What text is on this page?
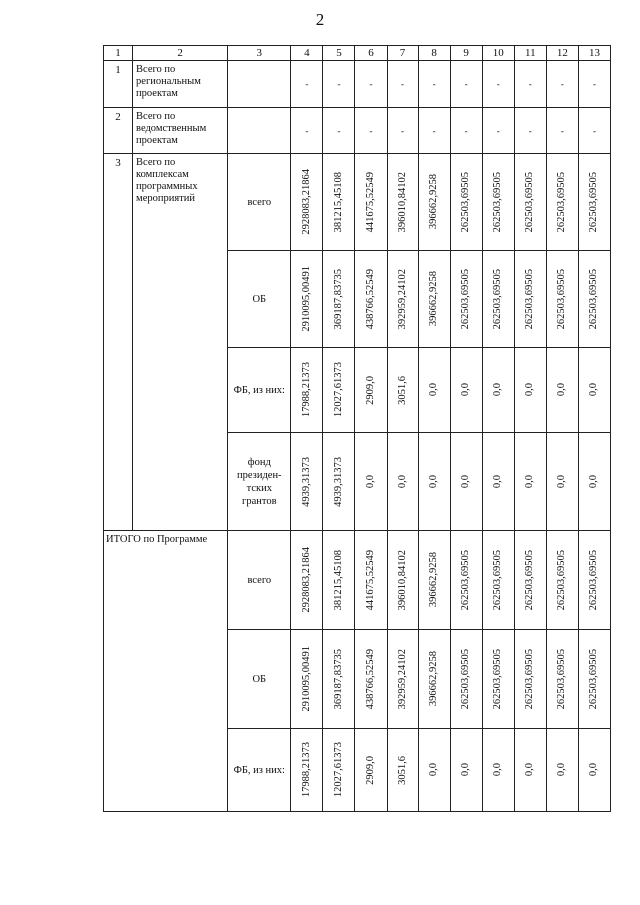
2
1	2	3	4	5	6	7	8	9	10	11	12	13
1	Всего по региональным проектам		-	-	-	-	-	-	-	-	-	-
2	Всего по ведомственным проектам		-	-	-	-	-	-	-	-	-	-
3	Всего по комплексам программных мероприятий	всего	2928083,21864	381215,45108	441675,52549	396010,84102	396662,9258	262503,69505	262503,69505	262503,69505	262503,69505	262503,69505

		ОБ	2910095,00491	369187,83735	438766,52549	392959,24102	396662,9258	262503,69505	262503,69505	262503,69505	262503,69505	262503,69505

		ФБ, из них:	17988,21373	12027,61373	2909,0	3051,6	0,0	0,0	0,0	0,0	0,0	0,0

		фонд президен-тских грантов	4939,31373	4939,31373	0,0	0,0	0,0	0,0	0,0	0,0	0,0	0,0

ИТОГО по Программе		всего	2928083,21864	381215,45108	441675,52549	396010,84102	396662,9258	262503,69505	262503,69505	262503,69505	262503,69505	262503,69505

		ОБ	2910095,00491	369187,83735	438766,52549	392959,24102	396662,9258	262503,69505	262503,69505	262503,69505	262503,69505	262503,69505

		ФБ, из них:	17988,21373	12027,61373	2909,0	3051,6	0,0	0,0	0,0	0,0	0,0	0,0
